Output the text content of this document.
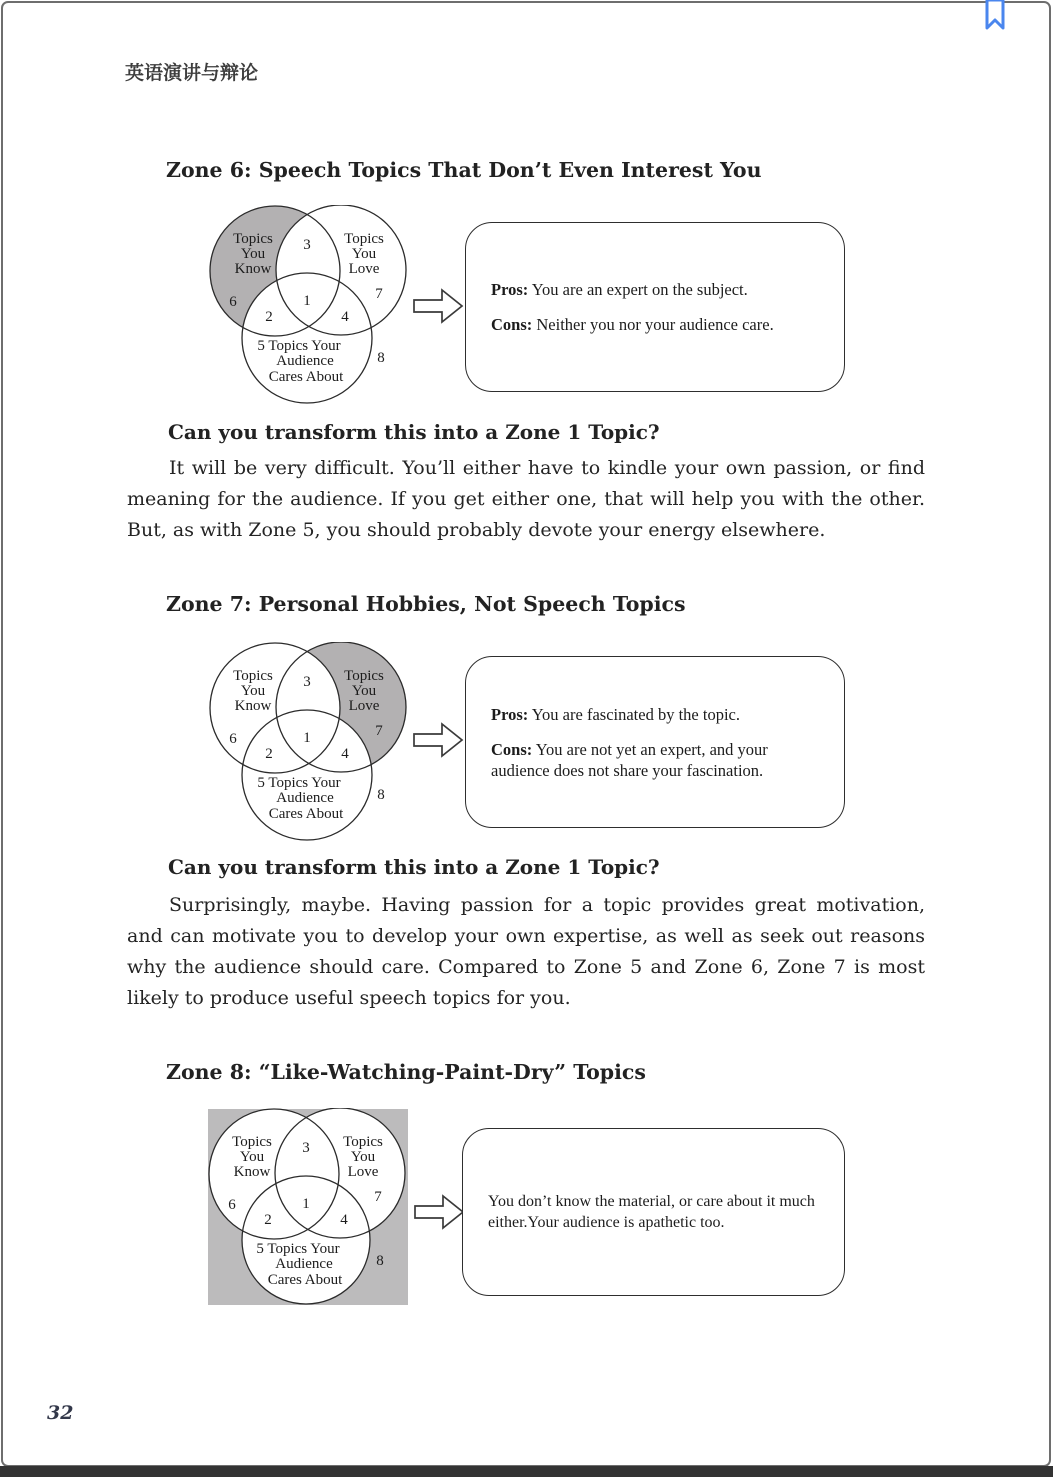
英语演讲与辩论
Zone 6: Speech Topics That Don’t Even Interest You
Topics
You
Know
Topics
You
Love
3
6	1	7
2	4
5 Topics Your
Audience
Cares About
8
Pros: You are an expert on the subject.
Cons: Neither you nor your audience care.
Can you transform this into a Zone 1 Topic?
It will be very difficult. You’ll either have to kindle your own passion, or find meaning for the audience. If you get either one, that will help you with the other. But, as with Zone 5, you should probably devote your energy elsewhere.
Zone 7: Personal Hobbies, Not Speech Topics
Topics
You
Know
Topics
You
Love
3
6	1	7
2	4
5 Topics Your
Audience
Cares About
8
Pros: You are fascinated by the topic.
Cons: You are not yet an expert, and your audience does not share your fascination.
Can you transform this into a Zone 1 Topic?
Surprisingly, maybe. Having passion for a topic provides great motivation, and can motivate you to develop your own expertise, as well as seek out reasons why the audience should care. Compared to Zone 5 and Zone 6, Zone 7 is most likely to produce useful speech topics for you.
Zone 8: “Like-Watching-Paint-Dry” Topics
Topics
You
Know
Topics
You
Love
3
6	1	7
2	4
5 Topics Your
Audience
Cares About
8
You don’t know the material, or care about it much either.Your audience is apathetic too.
32
